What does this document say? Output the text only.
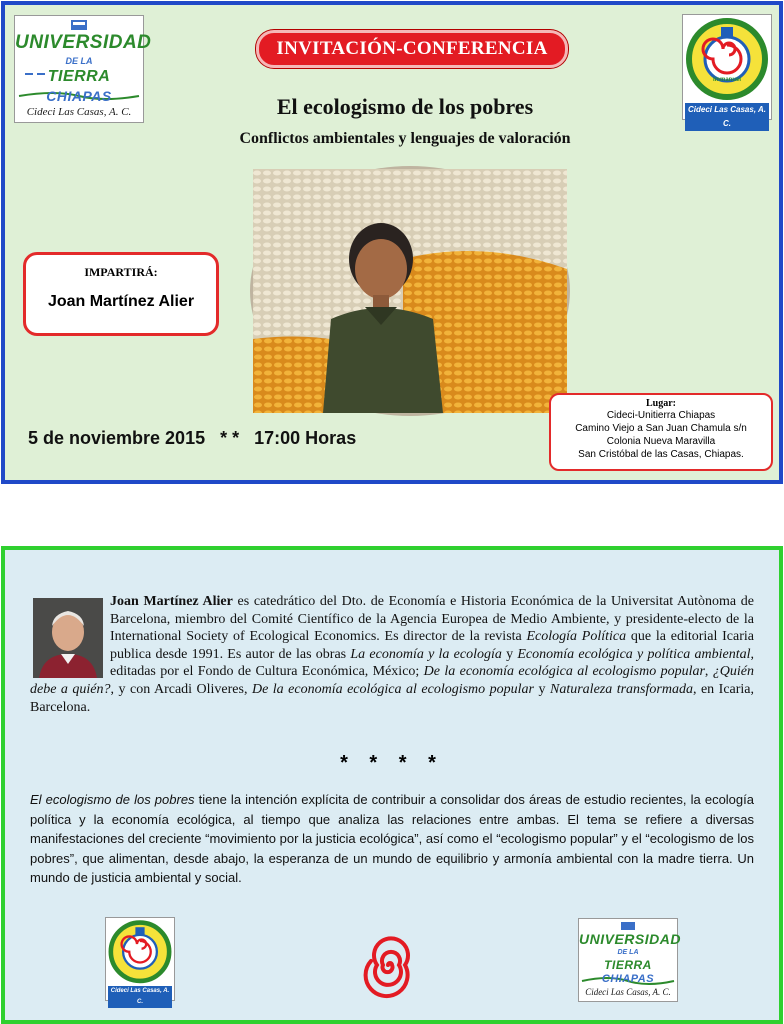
UNIVERSIDAD
DE LA
TIERRA
CHIAPAS
Cideci Las Casas, A. C.
Immanuel
Cideci Las Casas, A. C.
INVITACIÓN-CONFERENCIA
El ecologismo de los pobres
Conflictos ambientales y lenguajes de valoración
IMPARTIRÁ:
Joan Martínez Alier
5 de noviembre 2015 * * 17:00 Horas
Lugar:
Cideci-Unitierra Chiapas
Camino Viejo a San Juan Chamula s/n
Colonia Nueva Maravilla
San Cristóbal de las Casas, Chiapas.
Joan Martínez Alier es catedrático del Dto. de Economía e Historia Económica de la Universitat Autònoma de Barcelona, miembro del Comité Científico de la Agencia Europea de Medio Ambiente, y presidente-electo de la International Society of Ecological Economics. Es director de la revista Ecología Política que la editorial Icaria publica desde 1991. Es autor de las obras La economía y la ecología y Economía ecológica y política ambiental, editadas por el Fondo de Cultura Económica, México; De la economía ecológica al ecologismo popular, ¿Quién debe a quién?, y con Arcadi Oliveres, De la economía ecológica al ecologismo popular y Naturaleza transformada, en Icaria, Barcelona.
* * * *
El ecologismo de los pobres tiene la intención explícita de contribuir a consolidar dos áreas de estudio recientes, la ecología política y la economía ecológica, al tiempo que analiza las relaciones entre ambas. El tema se refiere a diversas manifestaciones del creciente “movimiento por la justicia ecológica”, así como el “ecologismo popular” y el “ecologismo de los pobres”, que alimentan, desde abajo, la esperanza de un mundo de equilibrio y armonía ambiental con la madre tierra. Un mundo de justicia ambiental y social.
Cideci Las Casas, A. C.
UNIVERSIDAD
DE LA
TIERRA
CHIAPAS
Cideci Las Casas, A. C.
